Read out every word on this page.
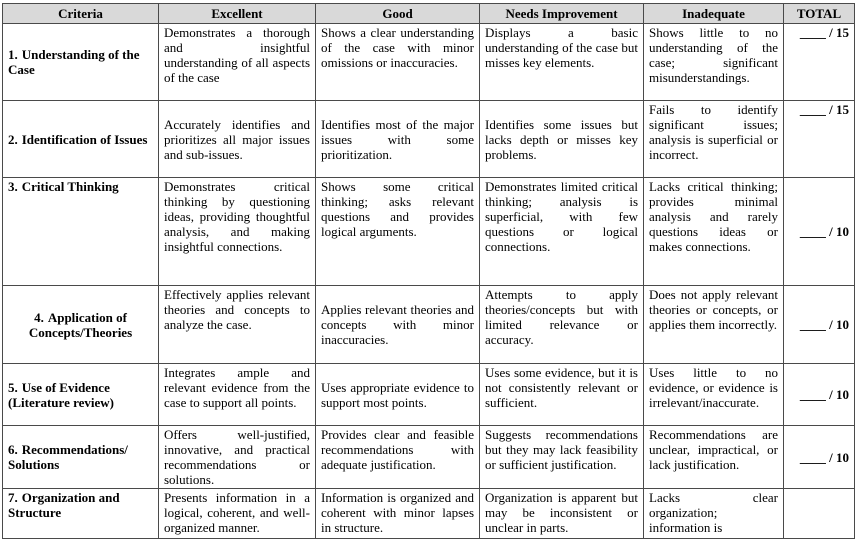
Criteria	Excellent	Good	Needs Improvement	Inadequate	TOTAL
1. Understanding of the Case	Demonstrates a thorough and insightful understanding of all aspects of the case	Shows a clear understanding of the case with minor omissions or inaccuracies.	Displays a basic understanding of the case but misses key elements.	Shows little to no understanding of the case; significant misunderstandings.	____ / 15
2. Identification of Issues	Accurately identifies and prioritizes all major issues and sub-issues.	Identifies most of the major issues with some prioritization.	Identifies some issues but lacks depth or misses key problems.	Fails to identify significant issues; analysis is superficial or incorrect.	____ / 15
3. Critical Thinking	Demonstrates critical thinking by questioning ideas, providing thoughtful analysis, and making insightful connections.	Shows some critical thinking; asks relevant questions and provides logical arguments.	Demonstrates limited critical thinking; analysis is superficial, with few questions or logical connections.	Lacks critical thinking; provides minimal analysis and rarely questions ideas or makes connections.	____ / 10
4. Application of Concepts/Theories	Effectively applies relevant theories and concepts to analyze the case.	Applies relevant theories and concepts with minor inaccuracies.	Attempts to apply theories/concepts but with limited relevance or accuracy.	Does not apply relevant theories or concepts, or applies them incorrectly.	____ / 10
5. Use of Evidence (Literature review)	Integrates ample and relevant evidence from the case to support all points.	Uses appropriate evidence to support most points.	Uses some evidence, but it is not consistently relevant or sufficient.	Uses little to no evidence, or evidence is irrelevant/inaccurate.	____ / 10
6. Recommendations/ Solutions	Offers well-justified, innovative, and practical recommendations or solutions.	Provides clear and feasible recommendations with adequate justification.	Suggests recommendations but they may lack feasibility or sufficient justification.	Recommendations are unclear, impractical, or lack justification.	____ / 10
7. Organization and Structure	Presents information in a logical, coherent, and well-organized manner.	Information is organized and coherent with minor lapses in structure.	Organization is apparent but may be inconsistent or unclear in parts.	Lacks clear organization; information is	
